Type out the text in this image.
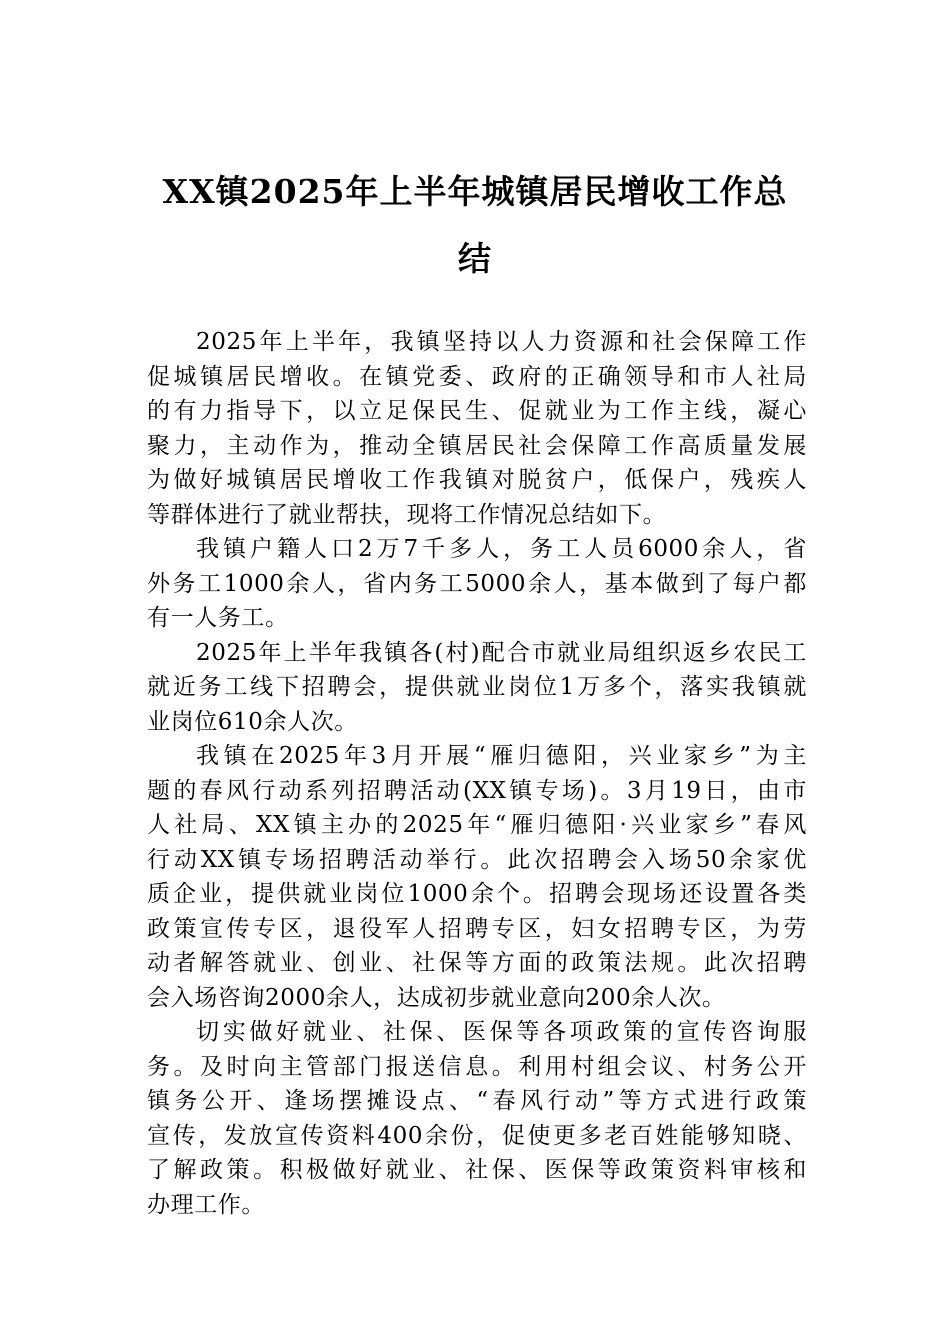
XX镇2025年上半年城镇居民增收工作总
结

2025年上半年，我镇坚持以人力资源和社会保障工作
促城镇居民增收。在镇党委、政府的正确领导和市人社局
的有力指导下，以立足保民生、促就业为工作主线，凝心
聚力，主动作为，推动全镇居民社会保障工作高质量发展
为做好城镇居民增收工作我镇对脱贫户，低保户，残疾人
等群体进行了就业帮扶，现将工作情况总结如下。

我镇户籍人口2万7千多人，务工人员6000余人，省
外务工1000余人，省内务工5000余人，基本做到了每户都
有一人务工。

2025年上半年我镇各(村)配合市就业局组织返乡农民工
就近务工线下招聘会，提供就业岗位1万多个，落实我镇就
业岗位610余人次。

我镇在2025年3月开展“雁归德阳，兴业家乡”为主
题的春风行动系列招聘活动(XX镇专场)。3月19日，由市
人社局、XX镇主办的2025年“雁归德阳·兴业家乡”春风
行动XX镇专场招聘活动举行。此次招聘会入场50余家优
质企业，提供就业岗位1000余个。招聘会现场还设置各类
政策宣传专区，退役军人招聘专区，妇女招聘专区，为劳
动者解答就业、创业、社保等方面的政策法规。此次招聘
会入场咨询2000余人，达成初步就业意向200余人次。

切实做好就业、社保、医保等各项政策的宣传咨询服
务。及时向主管部门报送信息。利用村组会议、村务公开
镇务公开、逢场摆摊设点、“春风行动”等方式进行政策
宣传，发放宣传资料400余份，促使更多老百姓能够知晓、
了解政策。积极做好就业、社保、医保等政策资料审核和
办理工作。
